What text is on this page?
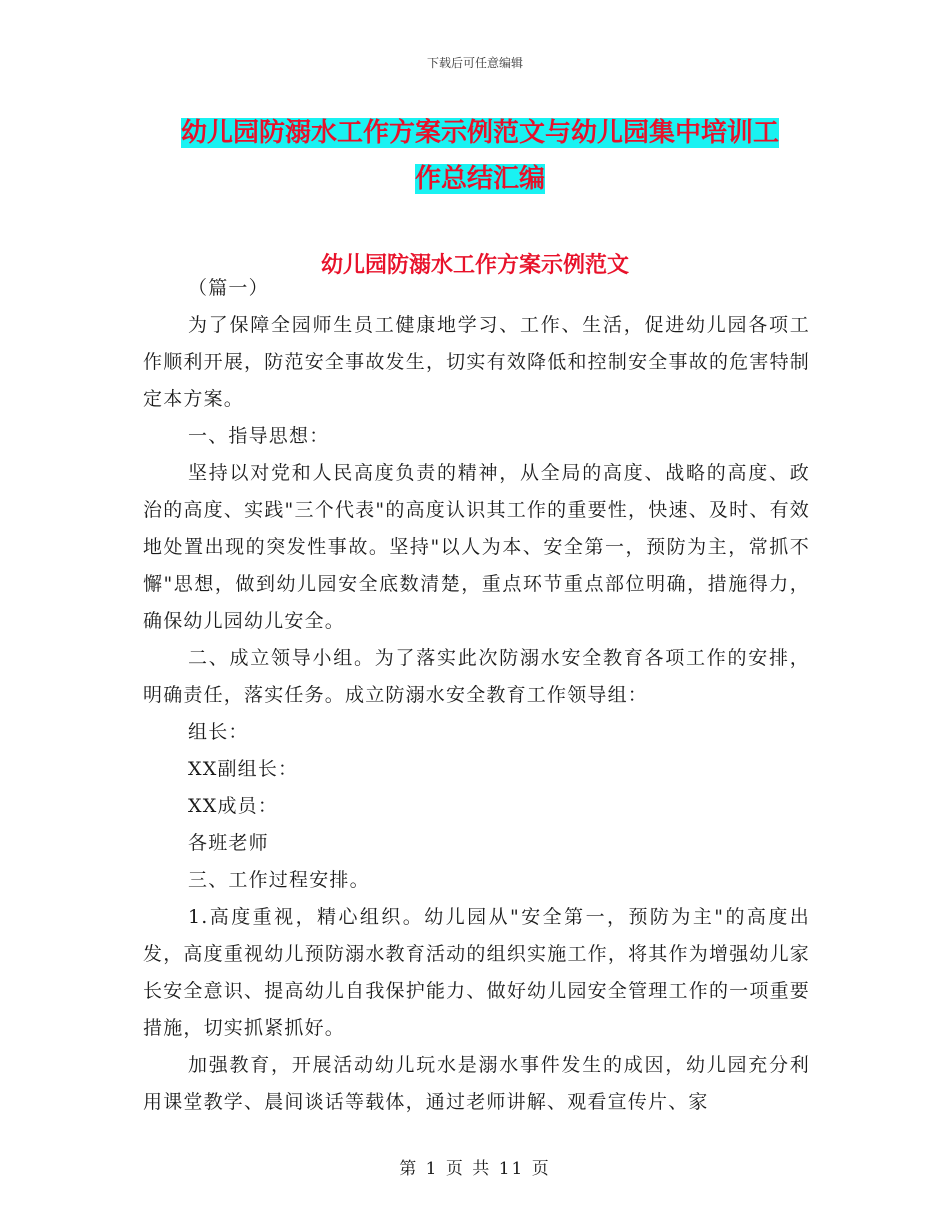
下载后可任意编辑
幼儿园防溺水工作方案示例范文与幼儿园集中培训工
作总结汇编
幼儿园防溺水工作方案示例范文

（篇一）

为了保障全园师生员工健康地学习、工作、生活，促进幼儿园各项工作顺利开展，防范安全事故发生，切实有效降低和控制安全事故的危害特制定本方案。

一、指导思想：

坚持以对党和人民高度负责的精神，从全局的高度、战略的高度、政治的高度、实践"三个代表"的高度认识其工作的重要性，快速、及时、有效地处置出现的突发性事故。坚持"以人为本、安全第一，预防为主，常抓不懈"思想，做到幼儿园安全底数清楚，重点环节重点部位明确，措施得力，确保幼儿园幼儿安全。

二、成立领导小组。为了落实此次防溺水安全教育各项工作的安排，明确责任，落实任务。成立防溺水安全教育工作领导组：

组长：

XX副组长：

XX成员：

各班老师

三、工作过程安排。

1.高度重视，精心组织。幼儿园从"安全第一，预防为主"的高度出发，高度重视幼儿预防溺水教育活动的组织实施工作，将其作为增强幼儿家长安全意识、提高幼儿自我保护能力、做好幼儿园安全管理工作的一项重要措施，切实抓紧抓好。

加强教育，开展活动幼儿玩水是溺水事件发生的成因，幼儿园充分利用课堂教学、晨间谈话等载体，通过老师讲解、观看宣传片、家

第 1 页 共 11 页
